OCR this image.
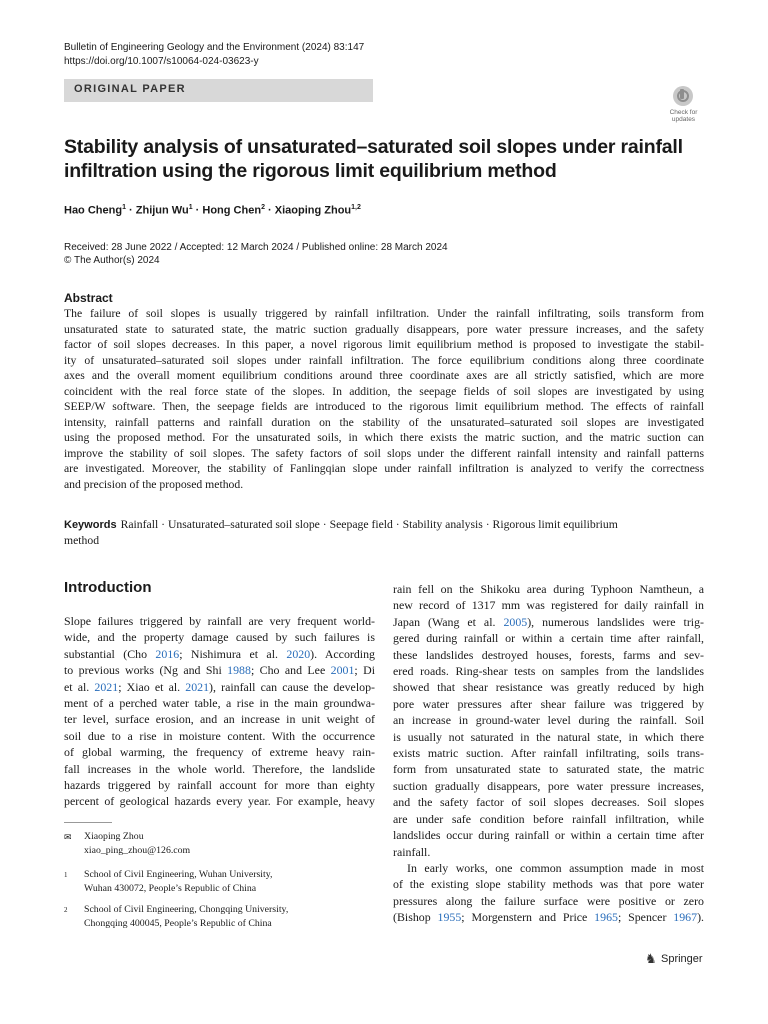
Bulletin of Engineering Geology and the Environment (2024) 83:147
https://doi.org/10.1007/s10064-024-03623-y
ORIGINAL PAPER
Check for
updates
Stability analysis of unsaturated–saturated soil slopes under rainfall
infiltration using the rigorous limit equilibrium method
Hao Cheng$^1$ · Zhijun $Wu^1$ · Hong Chen$^2$ · Xiaoping Zhou$^{1,2}$
Received: 28 June 2022 / Accepted: 12 March 2024 / Published online: 28 March 2024
© The Author(s) 2024
Abstract
The failure of soil slopes is usually triggered by rainfall infiltration. Under the rainfall infiltrating, soils transform from
unsaturated state to saturated state, the matric suction gradually disappears, pore water pressure increases, and the safety
factor of soil slopes decreases. In this paper, a novel rigorous limit equilibrium method is proposed to investigate the stabil-
ity of unsaturated–saturated soil slopes under rainfall infiltration. The force equilibrium conditions along three coordinate
axes and the overall moment equilibrium conditions around three coordinate axes are all strictly satisfied, which are more
coincident with the real force state of the slopes. In addition, the seepage fields of soil slopes are investigated by using
SEEP/W software. Then, the seepage fields are introduced to the rigorous limit equilibrium method. The effects of rainfall
intensity, rainfall patterns and rainfall duration on the stability of the unsaturated–saturated soil slopes are investigated
using the proposed method. For the unsaturated soils, in which there exists the matric suction, and the matric suction can
improve the stability of soil slopes. The safety factors of soil slops under the different rainfall intensity and rainfall patterns
are investigated. Moreover, the stability of Fanlingqian slope under rainfall infiltration is analyzed to verify the correctness
and precision of the proposed method.
Keywords Rainfall · Unsaturated–saturated soil slope · Seepage field · Stability analysis · Rigorous limit equilibrium
method
Introduction
Slope failures triggered by rainfall are very frequent world-
wide, and the property damage caused by such failures is
substantial (Cho 2016; Nishimura et al. 2020). According
to previous works (Ng and Shi 1988; Cho and Lee 2001; Di
et al. 2021; Xiao et al. 2021), rainfall can cause the develop-
ment of a perched water table, a rise in the main groundwa-
ter level, surface erosion, and an increase in unit weight of
soil due to a rise in moisture content. With the occurrence
of global warming, the frequency of extreme heavy rain-
fall increases in the whole world. Therefore, the landslide
hazards triggered by rainfall account for more than eighty
percent of geological hazards every year. For example, heavy
rain fell on the Shikoku area during Typhoon Namtheun, a
new record of 1317 mm was registered for daily rainfall in
Japan (Wang et al. 2005), numerous landslides were trig-
gered during rainfall or within a certain time after rainfall,
these landslides destroyed houses, forests, farms and sev-
ered roads. Ring-shear tests on samples from the landslides
showed that shear resistance was greatly reduced by high
pore water pressures after shear failure was triggered by
an increase in ground-water level during the rainfall. Soil
is usually not saturated in the natural state, in which there
exists matric suction. After rainfall infiltrating, soils trans-
form from unsaturated state to saturated state, the matric
suction gradually disappears, pore water pressure increases,
and the safety factor of soil slopes decreases. Soil slopes
are under safe condition before rainfall infiltration, while
landslides occur during rainfall or within a certain time after
rainfall.
In early works, one common assumption made in most
of the existing slope stability methods was that pore water
pressures along the failure surface were positive or zero
(Bishop 1955; Morgenstern and Price 1965; Spencer 1967).
✉	Xiaoping Zhou
xiao_ping_zhou@126.com
1	School of Civil Engineering, Wuhan University,
Wuhan 430072, People’s Republic of China
2	School of Civil Engineering, Chongqing University,
Chongqing 400045, People’s Republic of China
♞ Springer
